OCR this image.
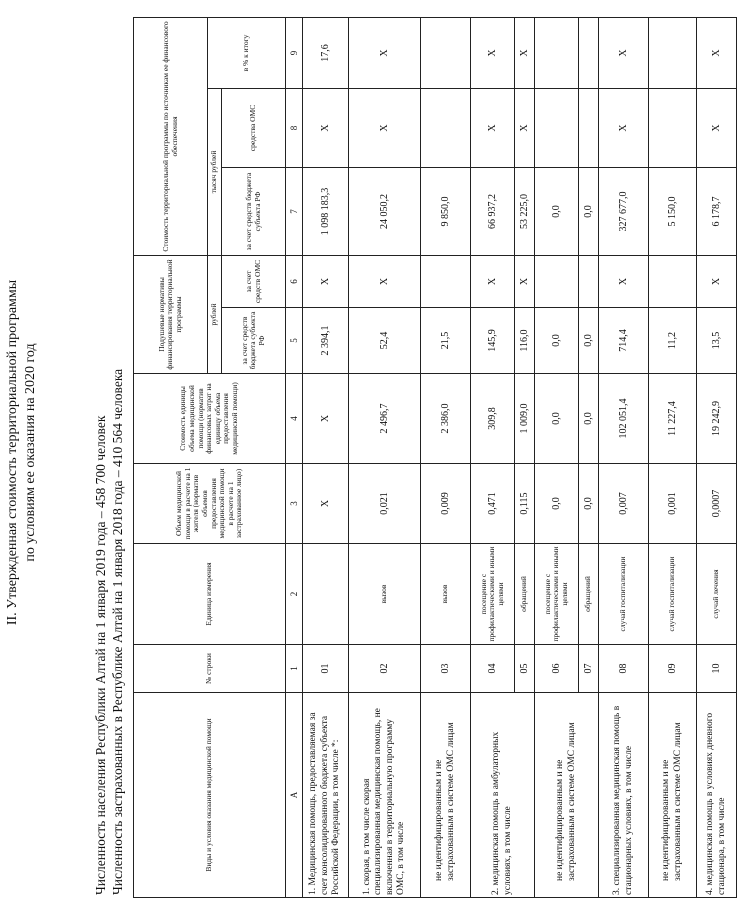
II. Утвержденная стоимость территориальной программы по условиям ее оказания на 2020 год	Численность населения Республики Алтай на 1 января 2019 года – 458 700 человек Численность застрахованных в Республике Алтай на 1 января 2018 года – 410 564 человека	Виды и условия оказания медицинской помощи	№ строки	Единица измерения	Объем медицинской помощи в расчете на 1 жителя (норматив объемов предоставления медицинской помощи в расчете на 1 застрахованное лицо)	Стоимость единицы объема медицинской помощи (норматив финансовых затрат на единицу объема предоставления медицинской помощи)	Подушевые нормативы финансирования территориальной программы		Стоимость территориальной программы по источникам ее финансового обеспечения		
					рублей		тысяч рублей		в % к итогу
					за счет средств бюджета субъекта РФ	за счет средств ОМС	за счет средств бюджета субъекта РФ	средства ОМС	
А	1	2	3	4	5	6	7	8	9
1. Медицинская помощь, предоставляемая за счет консолидированного бюджета субъекта Российской Федерации, в том числе *:	01		Х	Х	2 394,1	Х	1 098 183,3	Х	17,6
1. скорая, в том числе скорая специализированная медицинская помощь, не включенная в территориальную программу ОМС, в том числе	02	вызов	0,021	2 496,7	52,4	Х	24 050,2	Х	Х
не идентифицированным и не застрахованным в системе ОМС лицам	03	вызов	0,009	2 386,0	21,5		9 850,0		
2. медицинская помощь в амбулаторных условиях, в том числе	04	посещение с профилактическими и иными целями	0,471	309,8	145,9	Х	66 937,2	Х	Х
	05	обращений	0,115	1 009,0	116,0	Х	53 225,0	Х	Х
не идентифицированным и не застрахованным в системе ОМС лицам	06	посещение с профилактическими и иными целями	0,0	0,0	0,0		0,0		
	07	обращений	0,0	0,0	0,0		0,0		
3. специализированная медицинская помощь в стационарных условиях, в том числе	08	случай госпитализации	0,007	102 051,4	714,4	Х	327 677,0	Х	Х
не идентифицированным и не застрахованным в системе ОМС лицам	09	случай госпитализации	0,001	11 227,4	11,2		5 150,0		
4. медицинская помощь в условиях дневного стационара, в том числе	10	случай лечения	0,0007	19 242,9	13,5	Х	6 178,7	Х	Х
